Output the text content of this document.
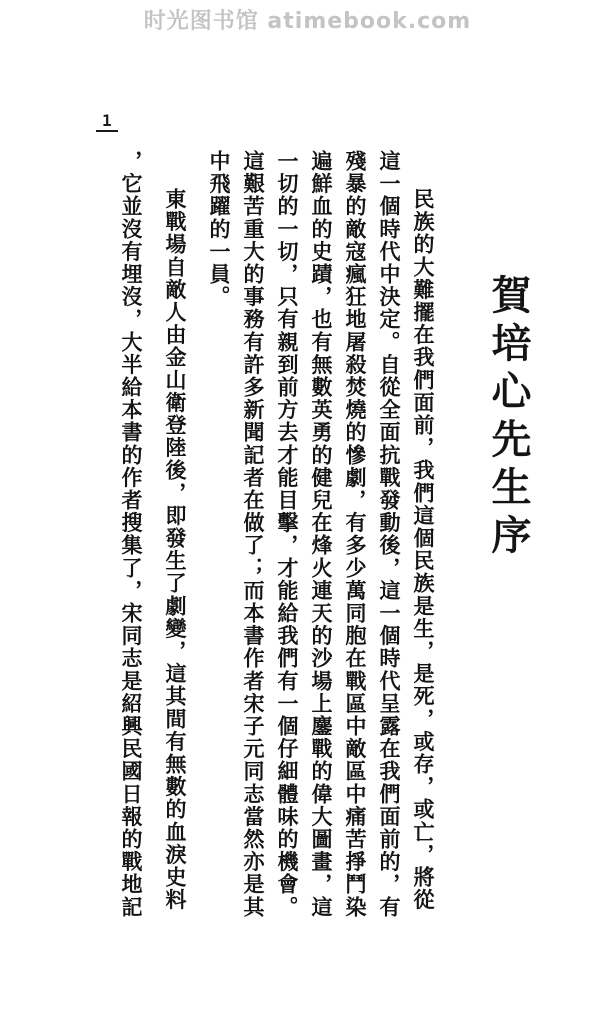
时光图书馆 atimebook.com
1
賀培心先生序
民族的大難擺在我們面前，我們這個民族是生，是死，或存，或亡，將從
這一個時代中決定。自從全面抗戰發動後，這一個時代呈露在我們面前的，有
殘暴的敵寇瘋狂地屠殺焚燒的慘劇，有多少萬同胞在戰區中敵區中痛苦掙鬥染
遍鮮血的史蹟，也有無數英勇的健兒在烽火連天的沙場上鏖戰的偉大圖畫，這
一切的一切，只有親到前方去才能目擊，才能給我們有一個仔細體味的機會。
這艱苦重大的事務有許多新聞記者在做了；而本書作者宋子元同志當然亦是其
中飛躍的一員。
東戰場自敵人由金山衛登陸後，即發生了劇變，這其間有無數的血淚史料
，它並沒有埋沒，大半給本書的作者搜集了，宋同志是紹興民國日報的戰地記
